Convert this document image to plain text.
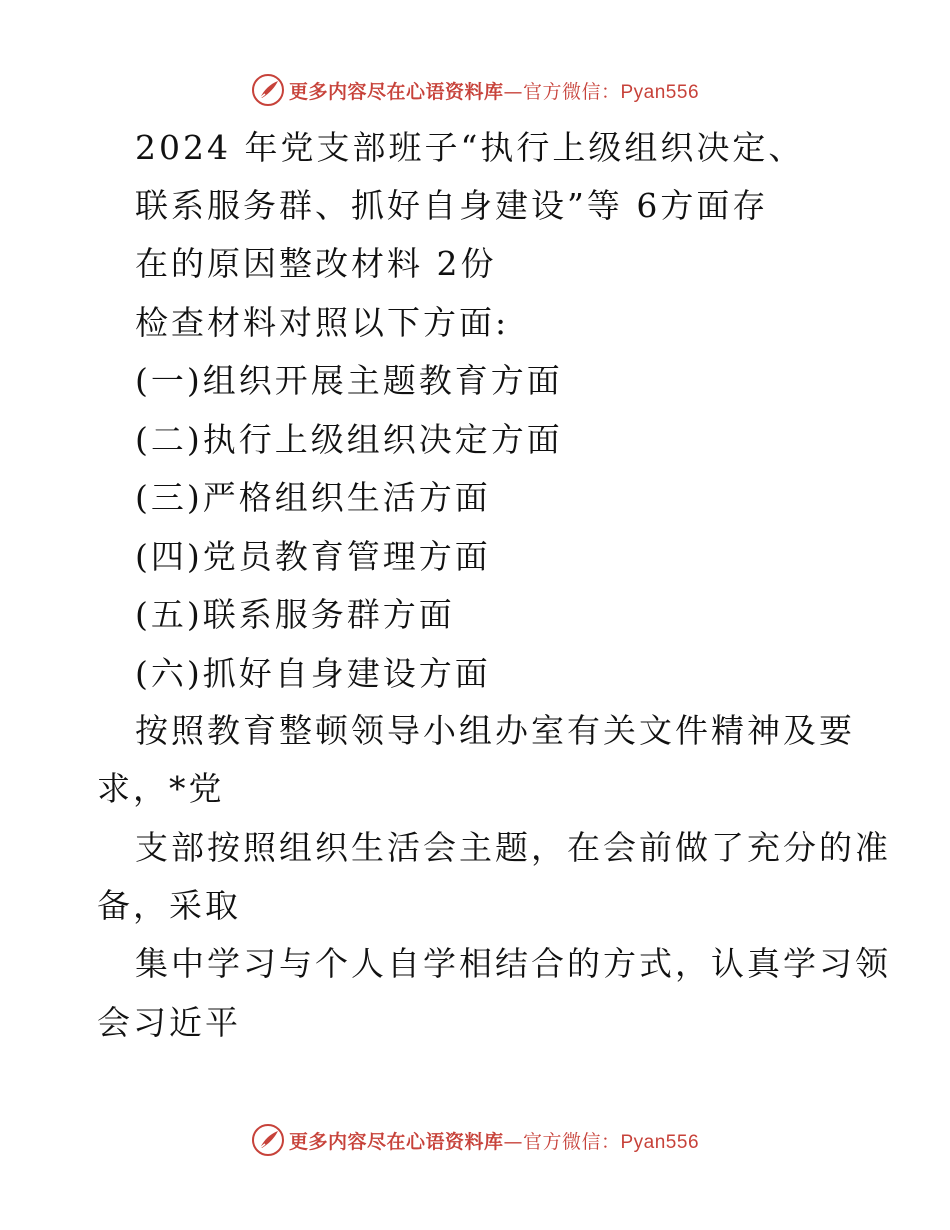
更多内容尽在心语资料库—官方微信：Pyan556
2024 年党支部班子“执行上级组织决定、
联系服务群、抓好自身建设”等 6方面存
在的原因整改材料 2份
检查材料对照以下方面:
(一)组织开展主题教育方面
(二)执行上级组织决定方面
(三)严格组织生活方面
(四)党员教育管理方面
(五)联系服务群方面
(六)抓好自身建设方面
按照教育整顿领导小组办室有关文件精神及要
求，*党
支部按照组织生活会主题，在会前做了充分的准
备，采取
集中学习与个人自学相结合的方式，认真学习领
会习近平
更多内容尽在心语资料库—官方微信：Pyan556
